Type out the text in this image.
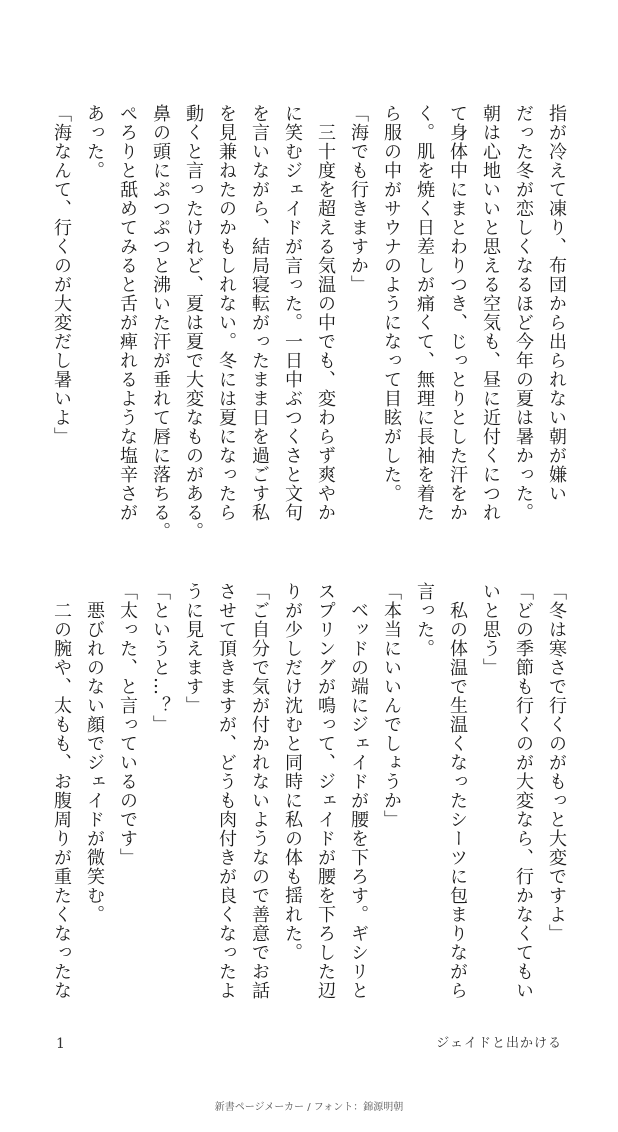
指が冷えて凍り、布団から出られない朝が嫌い
だった冬が恋しくなるほど今年の夏は暑かった。
朝は心地いいと思える空気も、昼に近付くにつれ
て身体中にまとわりつき、じっとりとした汗をか
く。肌を焼く日差しが痛くて、無理に長袖を着た
ら服の中がサウナのようになって目眩がした。
「海でも行きますか」
　三十度を超える気温の中でも、変わらず爽やか
に笑むジェイドが言った。一日中ぶつくさと文句
を言いながら、結局寝転がったまま日を過ごす私
を見兼ねたのかもしれない。冬には夏になったら
動くと言ったけれど、夏は夏で大変なものがある。
鼻の頭にぷつぷつと沸いた汗が垂れて唇に落ちる。
ぺろりと舐めてみると舌が痺れるような塩辛さが
あった。
「海なんて、行くのが大変だし暑いよ」
「冬は寒さで行くのがもっと大変ですよ」
「どの季節も行くのが大変なら、行かなくてもい
いと思う」
　私の体温で生温くなったシーツに包まりながら
言った。
「本当にいいんでしょうか」
　ベッドの端にジェイドが腰を下ろす。ギシリと
スプリングが鳴って、ジェイドが腰を下ろした辺
りが少しだけ沈むと同時に私の体も揺れた。
「ご自分で気が付かれないようなので善意でお話
させて頂きますが、どうも肉付きが良くなったよ
うに見えます」
「というと…？」
「太った、と言っているのです」
　悪びれのない顔でジェイドが微笑む。
　二の腕や、太もも、お腹周りが重たくなったな
1	ジェイドと出かける
新書ページメーカー / フォント：錦源明朝
